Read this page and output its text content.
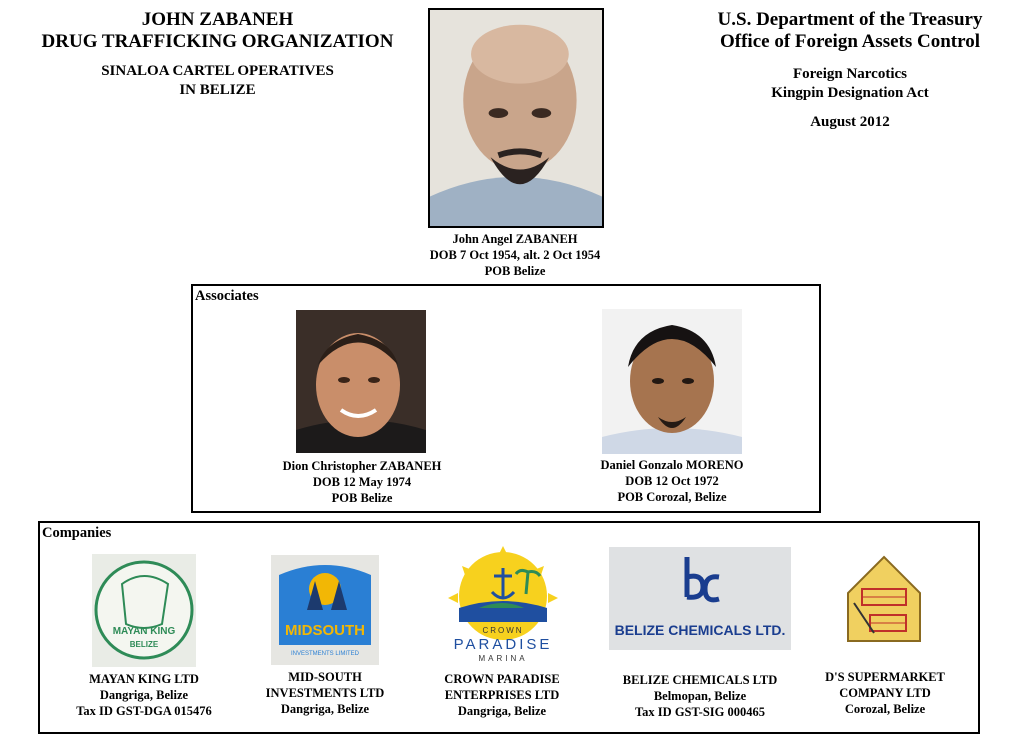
JOHN ZABANEH
DRUG TRAFFICKING ORGANIZATION
SINALOA CARTEL OPERATIVES
IN BELIZE
U.S. Department of the Treasury
Office of Foreign Assets Control
Foreign Narcotics
Kingpin Designation Act
August 2012
John Angel ZABANEH
DOB 7 Oct 1954, alt. 2 Oct 1954
POB Belize
Associates
Dion Christopher ZABANEH
DOB 12 May 1974
POB Belize
Daniel Gonzalo MORENO
DOB 12 Oct 1972
POB Corozal, Belize
Companies
MAYAN KING
BELIZE
MAYAN KING LTD
Dangriga, Belize
Tax ID GST-DGA 015476
MIDSOUTH
INVESTMENTS LIMITED
MID-SOUTH
INVESTMENTS LTD
Dangriga, Belize
CROWN
PARADISE
MARINA
CROWN PARADISE
ENTERPRISES LTD
Dangriga, Belize
BELIZE CHEMICALS LTD.
BELIZE CHEMICALS LTD
Belmopan, Belize
Tax ID GST-SIG 000465
D'S SUPERMARKET
COMPANY LTD
Corozal, Belize
